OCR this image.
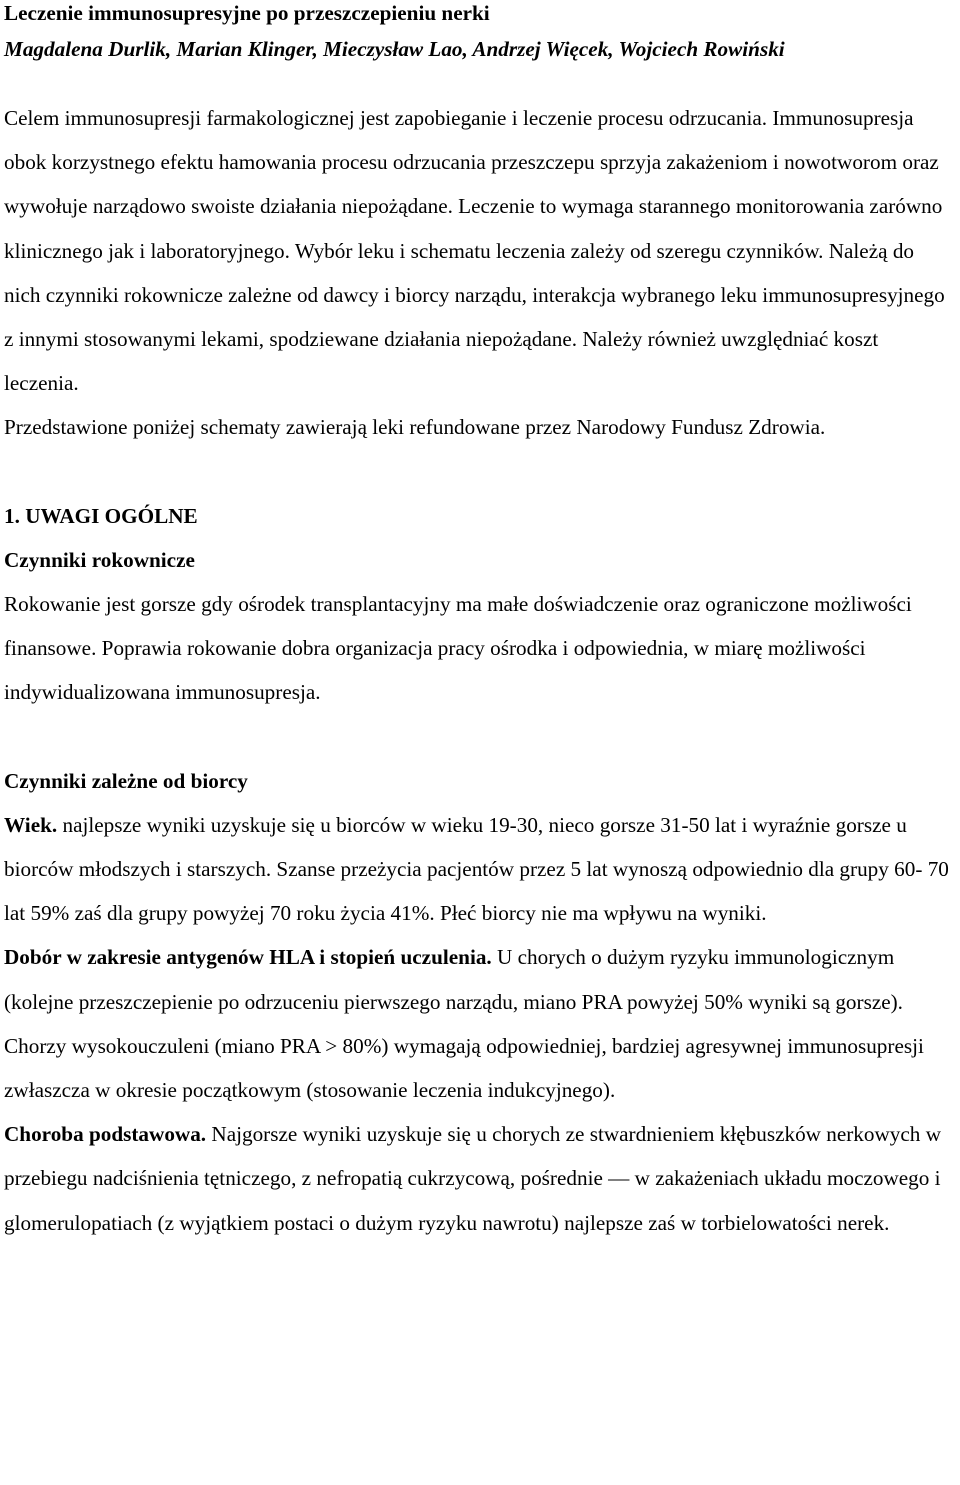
Leczenie immunosupresyjne po przeszczepieniu nerki

Magdalena Durlik, Marian Klinger, Mieczysław Lao, Andrzej Więcek, Wojciech Rowiński

Celem immunosupresji farmakologicznej jest zapobieganie i leczenie procesu odrzucania. Immunosupresja obok korzystnego efektu hamowania procesu odrzucania przeszczepu sprzyja zakażeniom i nowotworom oraz wywołuje narządowo swoiste działania niepożądane. Leczenie to wymaga starannego monitorowania zarówno klinicznego jak i laboratoryjnego. Wybór leku i schematu leczenia zależy od szeregu czynników. Należą do nich czynniki rokownicze zależne od dawcy i biorcy narządu, interakcja wybranego leku immunosupresyjnego z innymi stosowanymi lekami, spodziewane działania niepożądane. Należy również uwzględniać koszt leczenia.

Przedstawione poniżej schematy zawierają leki refundowane przez Narodowy Fundusz Zdrowia.

1. UWAGI OGÓLNE

Czynniki rokownicze

Rokowanie jest gorsze gdy ośrodek transplantacyjny ma małe doświadczenie oraz ograniczone możliwości finansowe. Poprawia rokowanie dobra organizacja pracy ośrodka i odpowiednia, w miarę możliwości indywidualizowana immunosupresja.

Czynniki zależne od biorcy

Wiek. najlepsze wyniki uzyskuje się u biorców w wieku 19-30, nieco gorsze 31-50 lat i wyraźnie gorsze u biorców młodszych i starszych. Szanse przeżycia pacjentów przez 5 lat wynoszą odpowiednio dla grupy 60- 70 lat 59% zaś dla grupy powyżej 70 roku życia 41%. Płeć biorcy nie ma wpływu na wyniki.

Dobór w zakresie antygenów HLA i stopień uczulenia. U chorych o dużym ryzyku immunologicznym (kolejne przeszczepienie po odrzuceniu pierwszego narządu, miano PRA powyżej 50% wyniki są gorsze). Chorzy wysokouczuleni (miano PRA > 80%) wymagają odpowiedniej, bardziej agresywnej immunosupresji zwłaszcza w okresie początkowym (stosowanie leczenia indukcyjnego).

Choroba podstawowa. Najgorsze wyniki uzyskuje się u chorych ze stwardnieniem kłębuszków nerkowych w przebiegu nadciśnienia tętniczego, z nefropatią cukrzycową, pośrednie — w zakażeniach układu moczowego i glomerulopatiach (z wyjątkiem postaci o dużym ryzyku nawrotu) najlepsze zaś w torbielowatości nerek.
